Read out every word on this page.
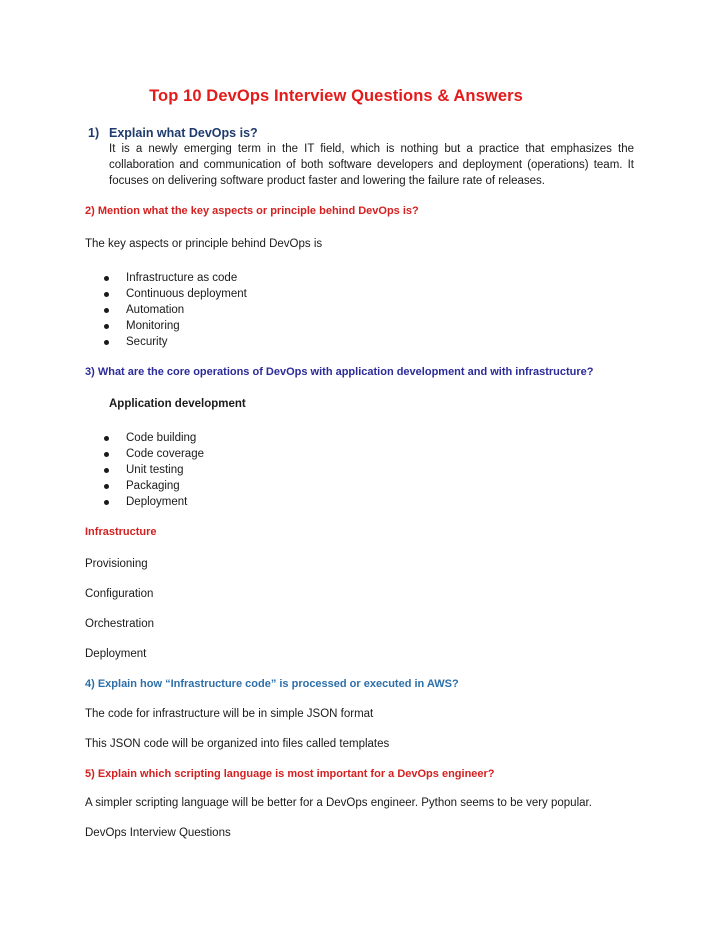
Top 10 DevOps Interview Questions & Answers
1) Explain what DevOps is?
It is a newly emerging term in the IT field, which is nothing but a practice that emphasizes the collaboration and communication of both software developers and deployment (operations) team. It focuses on delivering software product faster and lowering the failure rate of releases.
2) Mention what the key aspects or principle behind DevOps is?
The key aspects or principle behind DevOps is
Infrastructure as code
Continuous deployment
Automation
Monitoring
Security
3) What are the core operations of DevOps with application development and with infrastructure?
Application development
Code building
Code coverage
Unit testing
Packaging
Deployment
Infrastructure
Provisioning
Configuration
Orchestration
Deployment
4) Explain how “Infrastructure code” is processed or executed in AWS?
The code for infrastructure will be in simple JSON format
This JSON code will be organized into files called templates
5) Explain which scripting language is most important for a DevOps engineer?
A simpler scripting language will be better for a DevOps engineer. Python seems to be very popular.
DevOps Interview Questions
